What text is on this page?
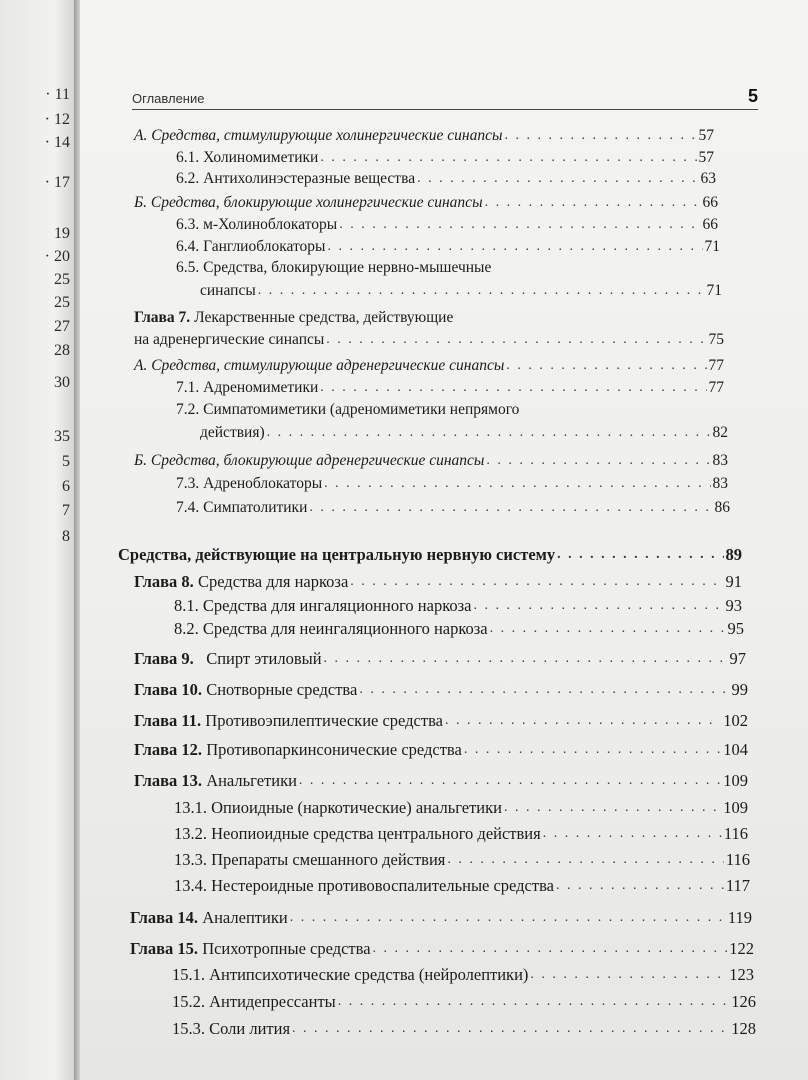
· 11
· 12
· 14
· 17
19
· 20
25
25
27
28
30
35
5
6
7
8
Оглавление	5
А. Средства, стимулирующие холинергические синапсы . . .	57
6.1. Холиномиметики . . .	57
6.2. Антихолинэстеразные вещества . . .	63
Б. Средства, блокирующие холинергические синапсы . . .	66
6.3. м-Холиноблокаторы . . .	66
6.4. Ганглиоблокаторы . . .	71
6.5. Средства, блокирующие нервно-мышечные
синапсы . . .	71
Глава 7. Лекарственные средства, действующие
на адренергические синапсы . . .	75
А. Средства, стимулирующие адренергические синапсы . . .	77
7.1. Адреномиметики . . .	77
7.2. Симпатомиметики (адреномиметики непрямого
действия) . . .	82
Б. Средства, блокирующие адренергические синапсы . . .	83
7.3. Адреноблокаторы . . .	83
7.4. Симпатолитики . . .	86
Средства, действующие на центральную нервную систему . . .	89
Глава 8. Средства для наркоза . . .	91
8.1. Средства для ингаляционного наркоза . . .	93
8.2. Средства для неингаляционного наркоза . . .	95
Глава 9. Спирт этиловый . . .	97
Глава 10. Снотворные средства . . .	99
Глава 11. Противоэпилептические средства . . .	102
Глава 12. Противопаркинсонические средства . . .	104
Глава 13. Анальгетики . . .	109
13.1. Опиоидные (наркотические) анальгетики . . .	109
13.2. Неопиоидные средства центрального действия . . .	116
13.3. Препараты смешанного действия . . .	116
13.4. Нестероидные противовоспалительные средства . . .	117
Глава 14. Аналептики . . .	119
Глава 15. Психотропные средства . . .	122
15.1. Антипсихотические средства (нейролептики) . . .	123
15.2. Антидепрессанты . . .	126
15.3. Соли лития . . .	128
